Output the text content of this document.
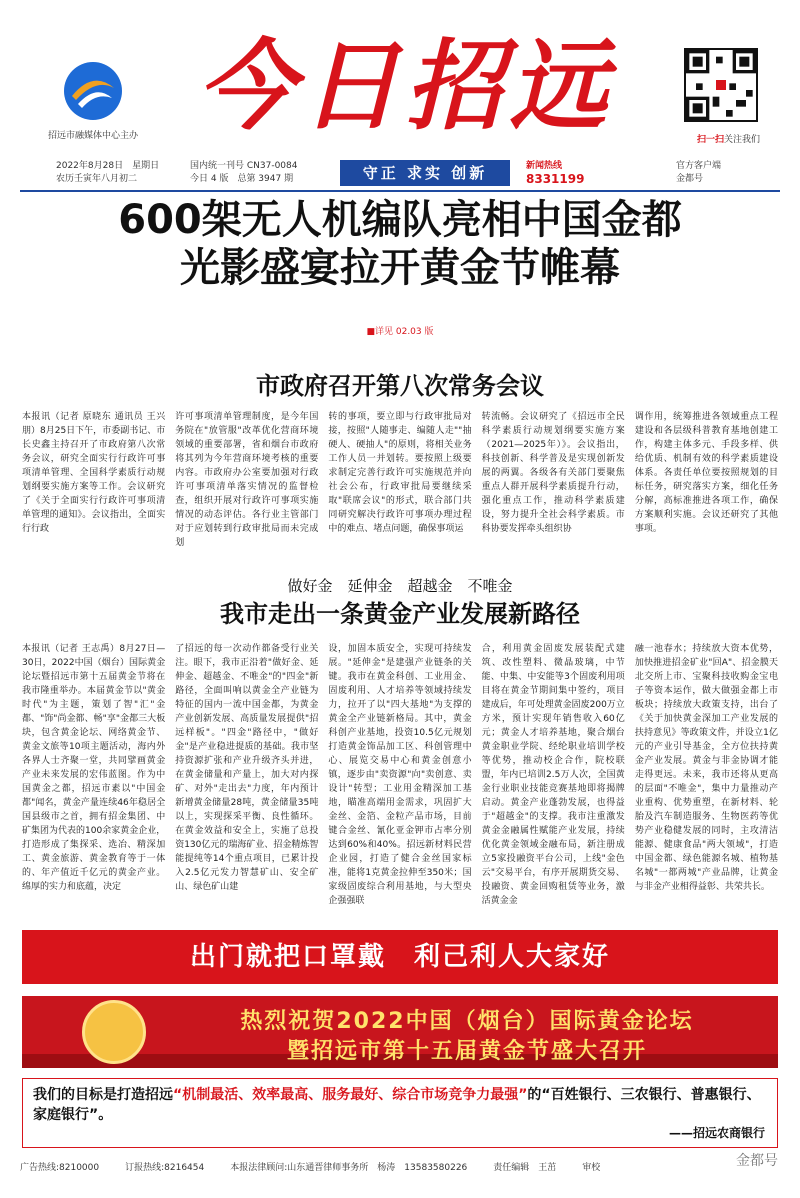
招远市融媒体中心主办 今日招远	扫一扫关注我们
2022年8月28日　星期日
农历壬寅年八月初二
国内统一刊号 CN37-0084
今日 4 版　总第 3947 期	守正 求实 创新	新闻热线
8331199
官方客户端
金都号
600架无人机编队亮相中国金都
光影盛宴拉开黄金节帷幕
■详见 02.03 版
市政府召开第八次常务会议
本报讯（记者 原晓东 通讯员 王兴朋）8月25日下午，市委副书记、市长史鑫主持召开了市政府第八次常务会议，研究全面实行行政许可事项清单管理、全国科学素质行动规划纲要实施方案等工作。会议研究了《关于全面实行行政许可事项清单管理的通知》。会议指出，全面实行行政
许可事项清单管理制度，是今年国务院在"放管服"改革优化营商环境领域的重要部署，省和烟台市政府将其列为今年营商环境考核的重要内容。市政府办公室要加强对行政许可事项清单落实情况的监督检查，组织开展对行政许可事项实施情况的动态评估。各行业主管部门对于应划转到行政审批局而未完成划
转的事项，要立即与行政审批局对接，按照"人随事走、编随人走""抽硬人、硬抽人"的原则，将相关业务工作人员一并划转。要按照上级要求制定完善行政许可实施规范并向社会公布，行政审批局要继续采取"联席会议"的形式，联合部门共同研究解决行政许可事项办理过程中的难点、堵点问题，确保事项运
转流畅。会议研究了《招远市全民科学素质行动规划纲要实施方案（2021—2025年）》。会议指出，科技创新、科学普及是实现创新发展的两翼。各级各有关部门要聚焦重点人群开展科学素质提升行动，强化重点工作，推动科学素质建设，努力提升全社会科学素质。市科协要发挥牵头组织协
调作用，统筹推进各领域重点工程建设和各层级科普教育基地创建工作，构建主体多元、手段多样、供给优质、机制有效的科学素质建设体系。各责任单位要按照规划的目标任务，研究落实方案，细化任务分解，高标准推进各项工作，确保方案顺利实施。会议还研究了其他事项。
做好金　延伸金　超越金　不唯金
我市走出一条黄金产业发展新路径
本报讯（记者 王志禹）8月27日—30日，2022中国（烟台）国际黄金论坛暨招远市第十五届黄金节将在我市隆重举办。本届黄金节以"黄金时代"为主题，策划了智"汇"金都、"饰"尚金都、畅"享"金都三大板块，包含黄金论坛、网络黄金节、黄金文旅等10项主题活动，海内外各界人士齐聚一堂，共同擘画黄金产业未来发展的宏伟蓝图。作为中国黄金之都，招远市素以"中国金都"闻名，黄金产量连续46年稳居全国县级市之首，拥有招金集团、中矿集团为代表的100余家黄金企业，打造形成了集探采、选冶、精深加工、黄金旅游、黄金教育等于一体的、年产值近千亿元的黄金产业。绵厚的实力和底蕴，决定
了招远的每一次动作都备受行业关注。眼下，我市正沿着"做好金、延伸金、超越金、不唯金"的"四金"新路径，全面叫响以黄金全产业链为特征的国内一流中国金都，为黄金产业创新发展、高质量发展提供"招远样板"。"四金"路径中，"做好金"是产业稳进提质的基础。我市坚持资源扩张和产业升级齐头并进，在黄金储量和产量上，加大对内探矿、对外"走出去"力度，年内预计新增黄金储量28吨，黄金储量35吨以上，实现探采平衡、良性循环。在黄金效益和安全上，实施了总投资130亿元的瑞海矿业、招金精炼智能提纯等14个重点项目，已累计投入2.5亿元发力智慧矿山、安全矿山、绿色矿山建
设，加固本质安全，实现可持续发展。"延伸金"是建强产业链条的关键。我市在黄金科创、工业用金、固废利用、人才培养等领域持续发力，拉开了以"四大基地"为支撑的黄金全产业链新格局。其中，黄金科创产业基地，投资10.5亿元规划打造黄金饰品加工区、科创管理中心、展览交易中心和黄金创意小镇，逐步由"卖资源"向"卖创意、卖设计"转型；工业用金精深加工基地，瞄准高端用金需求，巩固扩大金丝、金箔、金粒产品市场，目前键合金丝、氰化亚金钾市占率分别达到60%和40%。招远新材料民营企业园，打造了健合金丝国家标准，能将1克黄金拉伸至350米；国家级固废综合利用基地，与大型央企强强联
合，利用黄金固废发展装配式建筑、改性塑料、微晶玻璃，中节能、中集、中安能等3个固废利用项目将在黄金节期间集中签约，项目建成后，年可处理黄金固废200万立方米，预计实现年销售收入60亿元；黄金人才培养基地，聚合烟台黄金职业学院、经纶职业培训学校等优势，推动校企合作，院校联盟，年内已培训2.5万人次，全国黄金行业职业技能竞赛基地即将揭牌启动。黄金产业蓬勃发展，也得益于"超越金"的支撑。我市注重激发黄金金融属性赋能产业发展，持续优化黄金领域金融布局，新注册成立5家投融资平台公司，上线"金色云"交易平台，有序开展期货交易、投融资、黄金回购租赁等业务，激活黄金金
融一池春水；持续放大资本优势，加快推进招金矿业"回A"、招金膜天北交所上市、宝聚科技收购金宝电子等资本运作，做大做强金都上市板块；持续放大政策支持，出台了《关于加快黄金深加工产业发展的扶持意见》等政策文件，并设立1亿元的产业引导基金，全方位扶持黄金产业发展。黄金与非金协调才能走得更远。未来，我市还将从更高的层面"不唯金"，集中力量推动产业重构、优势重塑，在新材料、轮胎及汽车制造服务、生物医药等优势产业稳健发展的同时，主攻清洁能源、健康食品"两大领域"，打造中国金都、绿色能源名城、植物基名城"一都两城"产业品牌，让黄金与非金产业相得益彰、共荣共长。
出门就把口罩戴　利己利人大家好
热烈祝贺2022中国（烟台）国际黄金论坛
暨招远市第十五届黄金节盛大召开
我们的目标是打造招远“机制最活、效率最高、服务最好、综合市场竞争力最强”的“百姓银行、三农银行、普惠银行、家庭银行”。
——招远农商银行
广告热线:8210000	订报热线:8216454	本报法律顾问:山东通晋律师事务所　杨涛　13583580226	责任编辑　王茁	审校	金都号
